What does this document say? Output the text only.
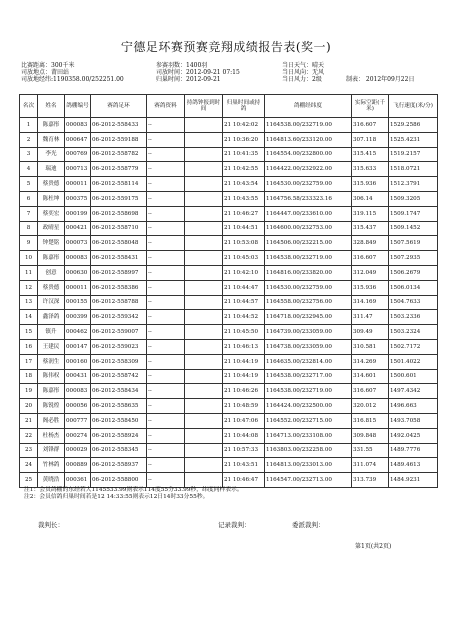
宁德足环赛预赛竞翔成绩报告表(奖一)
比赛距离：300千米
司放地点：莆田站
司放地经纬:1190358.00/252251.00
参赛羽数：1400羽
司放时间：2012-09-21 07:15
归巢时间：2012-09-21
当日天气：晴天
当日风向：无风
当日风力：2级	制表： 2012年09月22日
名次	姓名	鸽棚编号	赛鸽足环	赛鸽资料	持鸽钟报到时间	归巢时间或持鸽	鸽棚经纬度	实际空距(千米)	飞行速度(米/分)
1	陈嘉彤	000083	06-2012-558433	--		21 10:42:02	1164538.00/232719.00	316.607	1529.2586
2	魏育林	000647	06-2012-559188	--		21 10:36:20	1164813.60/233120.00	307.118	1525.4231
3	李光	000769	06-2012-558782	--		21 10:41:35	1164554.00/232800.00	315.415	1519.2157
4	瑞迪	000713	06-2012-558779	--		21 10:42:55	1164422.00/232922.00	315.633	1518.0721
5	蔡贵德	000011	06-2012-558114	--		21 10:43:54	1164530.00/232759.00	315.936	1512.3791
6	陈杜坤	000375	06-2012-559175	--		21 10:43:55	1164756.58/233323.16	306.14	1509.3205
7	蔡奕宏	000199	06-2012-558698	--		21 10:46:27	1164447.00/233610.00	319.115	1509.1747
8	政晴星	000421	06-2012-558710	--		21 10:44:51	1164600.00/232753.00	315.437	1509.1452
9	钟楚铭	000073	06-2012-558048	--		21 10:53:08	1164506.00/232215.00	328.849	1507.5619
10	陈嘉彤	000083	06-2012-558431	--		21 10:45:03	1164538.00/232719.00	316.607	1507.2935
11	创意	000630	06-2012-558997	--		21 10:42:10	1164816.00/233820.00	312.049	1506.2679
12	蔡贵德	000011	06-2012-558386	--		21 10:44:47	1164530.00/232759.00	315.936	1506.0134
13	许汉深	000155	06-2012-558788	--		21 10:44:57	1164558.00/232756.00	314.169	1504.7633
14	鑫泽鸽	000399	06-2012-559342	--		21 10:44:52	1164718.00/232945.00	311.47	1503.2336
15	镇升	000462	06-2012-559007	--		21 10:45:50	1164739.00/233059.00	309.49	1503.2324
16	王建民	000147	06-2012-559023	--		21 10:46:13	1164738.00/233059.00	310.581	1502.7172
17	蔡润生	000160	06-2012-558309	--		21 10:44:19	1164635.00/232814.00	314.269	1501.4022
18	陈伟权	000431	06-2012-558742	--		21 10:44:19	1164538.00/232717.00	314.601	1500.601
19	陈嘉彤	000083	06-2012-558434	--		21 10:46:26	1164538.00/232719.00	316.607	1497.4342
20	陈锐煌	000056	06-2012-558635	--		21 10:48:59	1164424.00/232500.00	320.012	1496.663
21	阁必胜	000777	06-2012-558450	--		21 10:47:06	1164552.00/232715.00	316.815	1493.7058
22	杜杨杰	000274	06-2012-558924	--		21 10:44:08	1164713.00/233108.00	309.848	1492.0425
23	刘锋群	000029	06-2012-558345	--		21 10:57:33	1163803.00/232258.00	331.55	1489.7776
24	竹林鸽	000889	06-2012-558937	--		21 10:43:51	1164813.00/233013.00	311.074	1489.4613
25	黄晓浩	000361	06-2012-558800	--		21 10:46:47	1164547.00/232713.00	313.739	1484.9231
注1：会员鸽棚的东经若大1145533.99则表示114度55分33.99秒，纬度同样表示。
注2：会员信鸽归巢时间若是12 14:33:55则表示12日14时33分55秒。
裁判长：	记录裁判：	委派裁判：
第1页(共2页)
